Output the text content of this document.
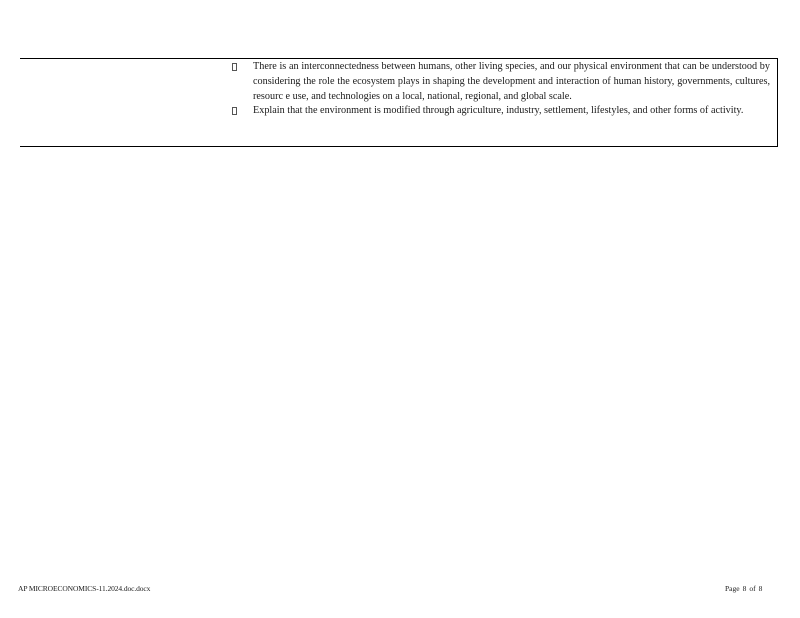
There is an interconnectedness between humans, other living species, and our physical environment that can be understood by considering the role the ecosystem plays in shaping the development and interaction of human history, governments, cultures, resourc e use, and technologies on a local, national, regional, and global scale.
Explain that the environment is modified through agriculture, industry, settlement, lifestyles, and other forms of activity.
AP MICROECONOMICS-11.2024.doc.docx	Page 8 of 8
